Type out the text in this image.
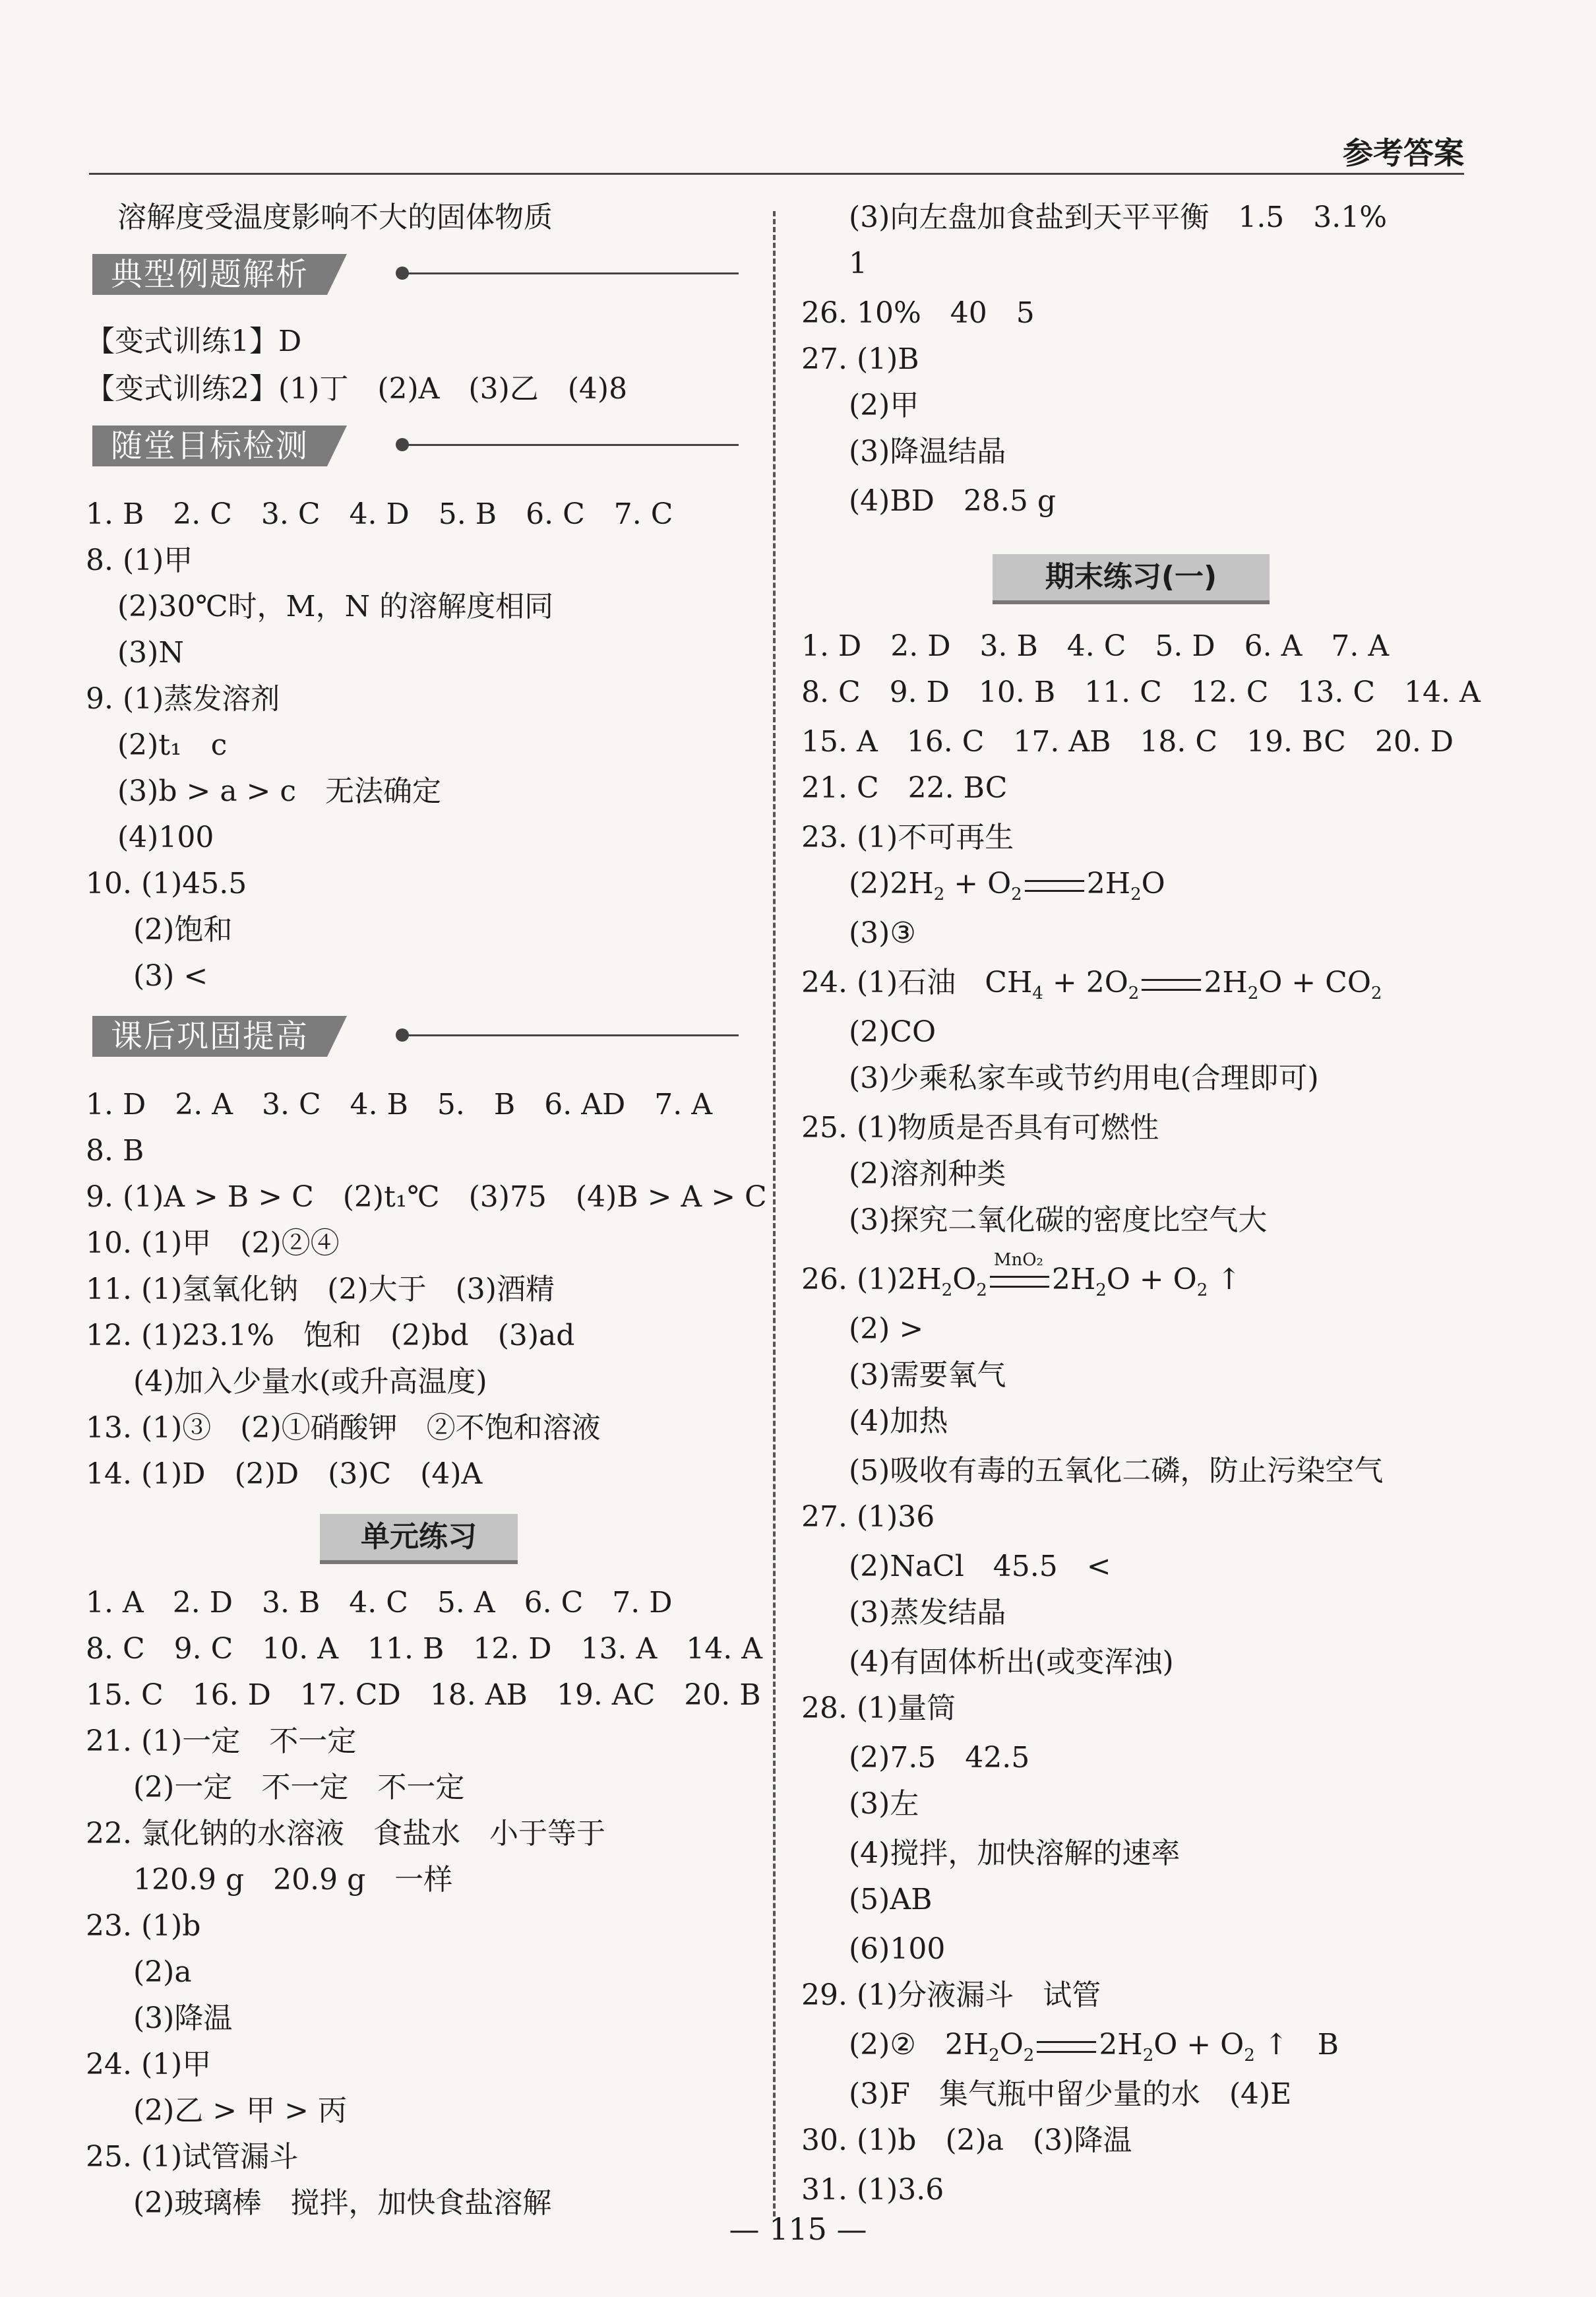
参考答案
溶解度受温度影响不大的固体物质
典型例题解析
【变式训练1】D
【变式训练2】(1)丁　(2)A　(3)乙　(4)8
随堂目标检测
1. B　2. C　3. C　4. D　5. B　6. C　7. C
8. (1)甲
(2)30℃时，M，N 的溶解度相同
(3)N
9. (1)蒸发溶剂
(2)t₁　c
(3)b > a > c　无法确定
(4)100
10. (1)45.5
(2)饱和
(3) <
课后巩固提高
1. D　2. A　3. C　4. B　5.　B　6. AD　7. A
8. B
9. (1)A > B > C　(2)t₁℃　(3)75　(4)B > A > C
10. (1)甲　(2)②④
11. (1)氢氧化钠　(2)大于　(3)酒精
12. (1)23.1%　饱和　(2)bd　(3)ad
(4)加入少量水(或升高温度)
13. (1)③　(2)①硝酸钾　②不饱和溶液
14. (1)D　(2)D　(3)C　(4)A
单元练习
1. A　2. D　3. B　4. C　5. A　6. C　7. D
8. C　9. C　10. A　11. B　12. D　13. A　14. A
15. C　16. D　17. CD　18. AB　19. AC　20. B
21. (1)一定　不一定
(2)一定　不一定　不一定
22. 氯化钠的水溶液　食盐水　小于等于
120.9 g　20.9 g　一样
23. (1)b
(2)a
(3)降温
24. (1)甲
(2)乙 > 甲 > 丙
25. (1)试管漏斗
(2)玻璃棒　搅拌，加快食盐溶解
(3)向左盘加食盐到天平平衡　1.5　3.1%
1
26. 10%　40　5
27. (1)B
(2)甲
(3)降温结晶
(4)BD　28.5 g
期末练习(一)
1. D　2. D　3. B　4. C　5. D　6. A　7. A
8. C　9. D　10. B　11. C　12. C　13. C　14. A
15. A　16. C　17. AB　18. C　19. BC　20. D
21. C　22. BC
23. (1)不可再生
$(2)2H_2 + O_2$ $2H_2O$
(3)③
24. (1)石油　$CH_4 + 2O_2$ $2H_2O + CO_2$
(2)CO
(3)少乘私家车或节约用电(合理即可)
25. (1)物质是否具有可燃性
(2)溶剂种类
(3)探究二氧化碳的密度比空气大
26. $(1)2H_2O_2$
MnO₂
$2H_2O + O_2$ ↑
(2) >
(3)需要氧气
(4)加热
(5)吸收有毒的五氧化二磷，防止污染空气
27. (1)36
(2)NaCl　45.5　<
(3)蒸发结晶
(4)有固体析出(或变浑浊)
28. (1)量筒
(2)7.5　42.5
(3)左
(4)搅拌，加快溶解的速率
(5)AB
(6)100
29. (1)分液漏斗　试管
(2)②　$2H_2O_2$ $2H_2O + O_2$ ↑　B
(3)F　集气瓶中留少量的水　(4)E
30. (1)b　(2)a　(3)降温
31. (1)3.6
— 115 —
